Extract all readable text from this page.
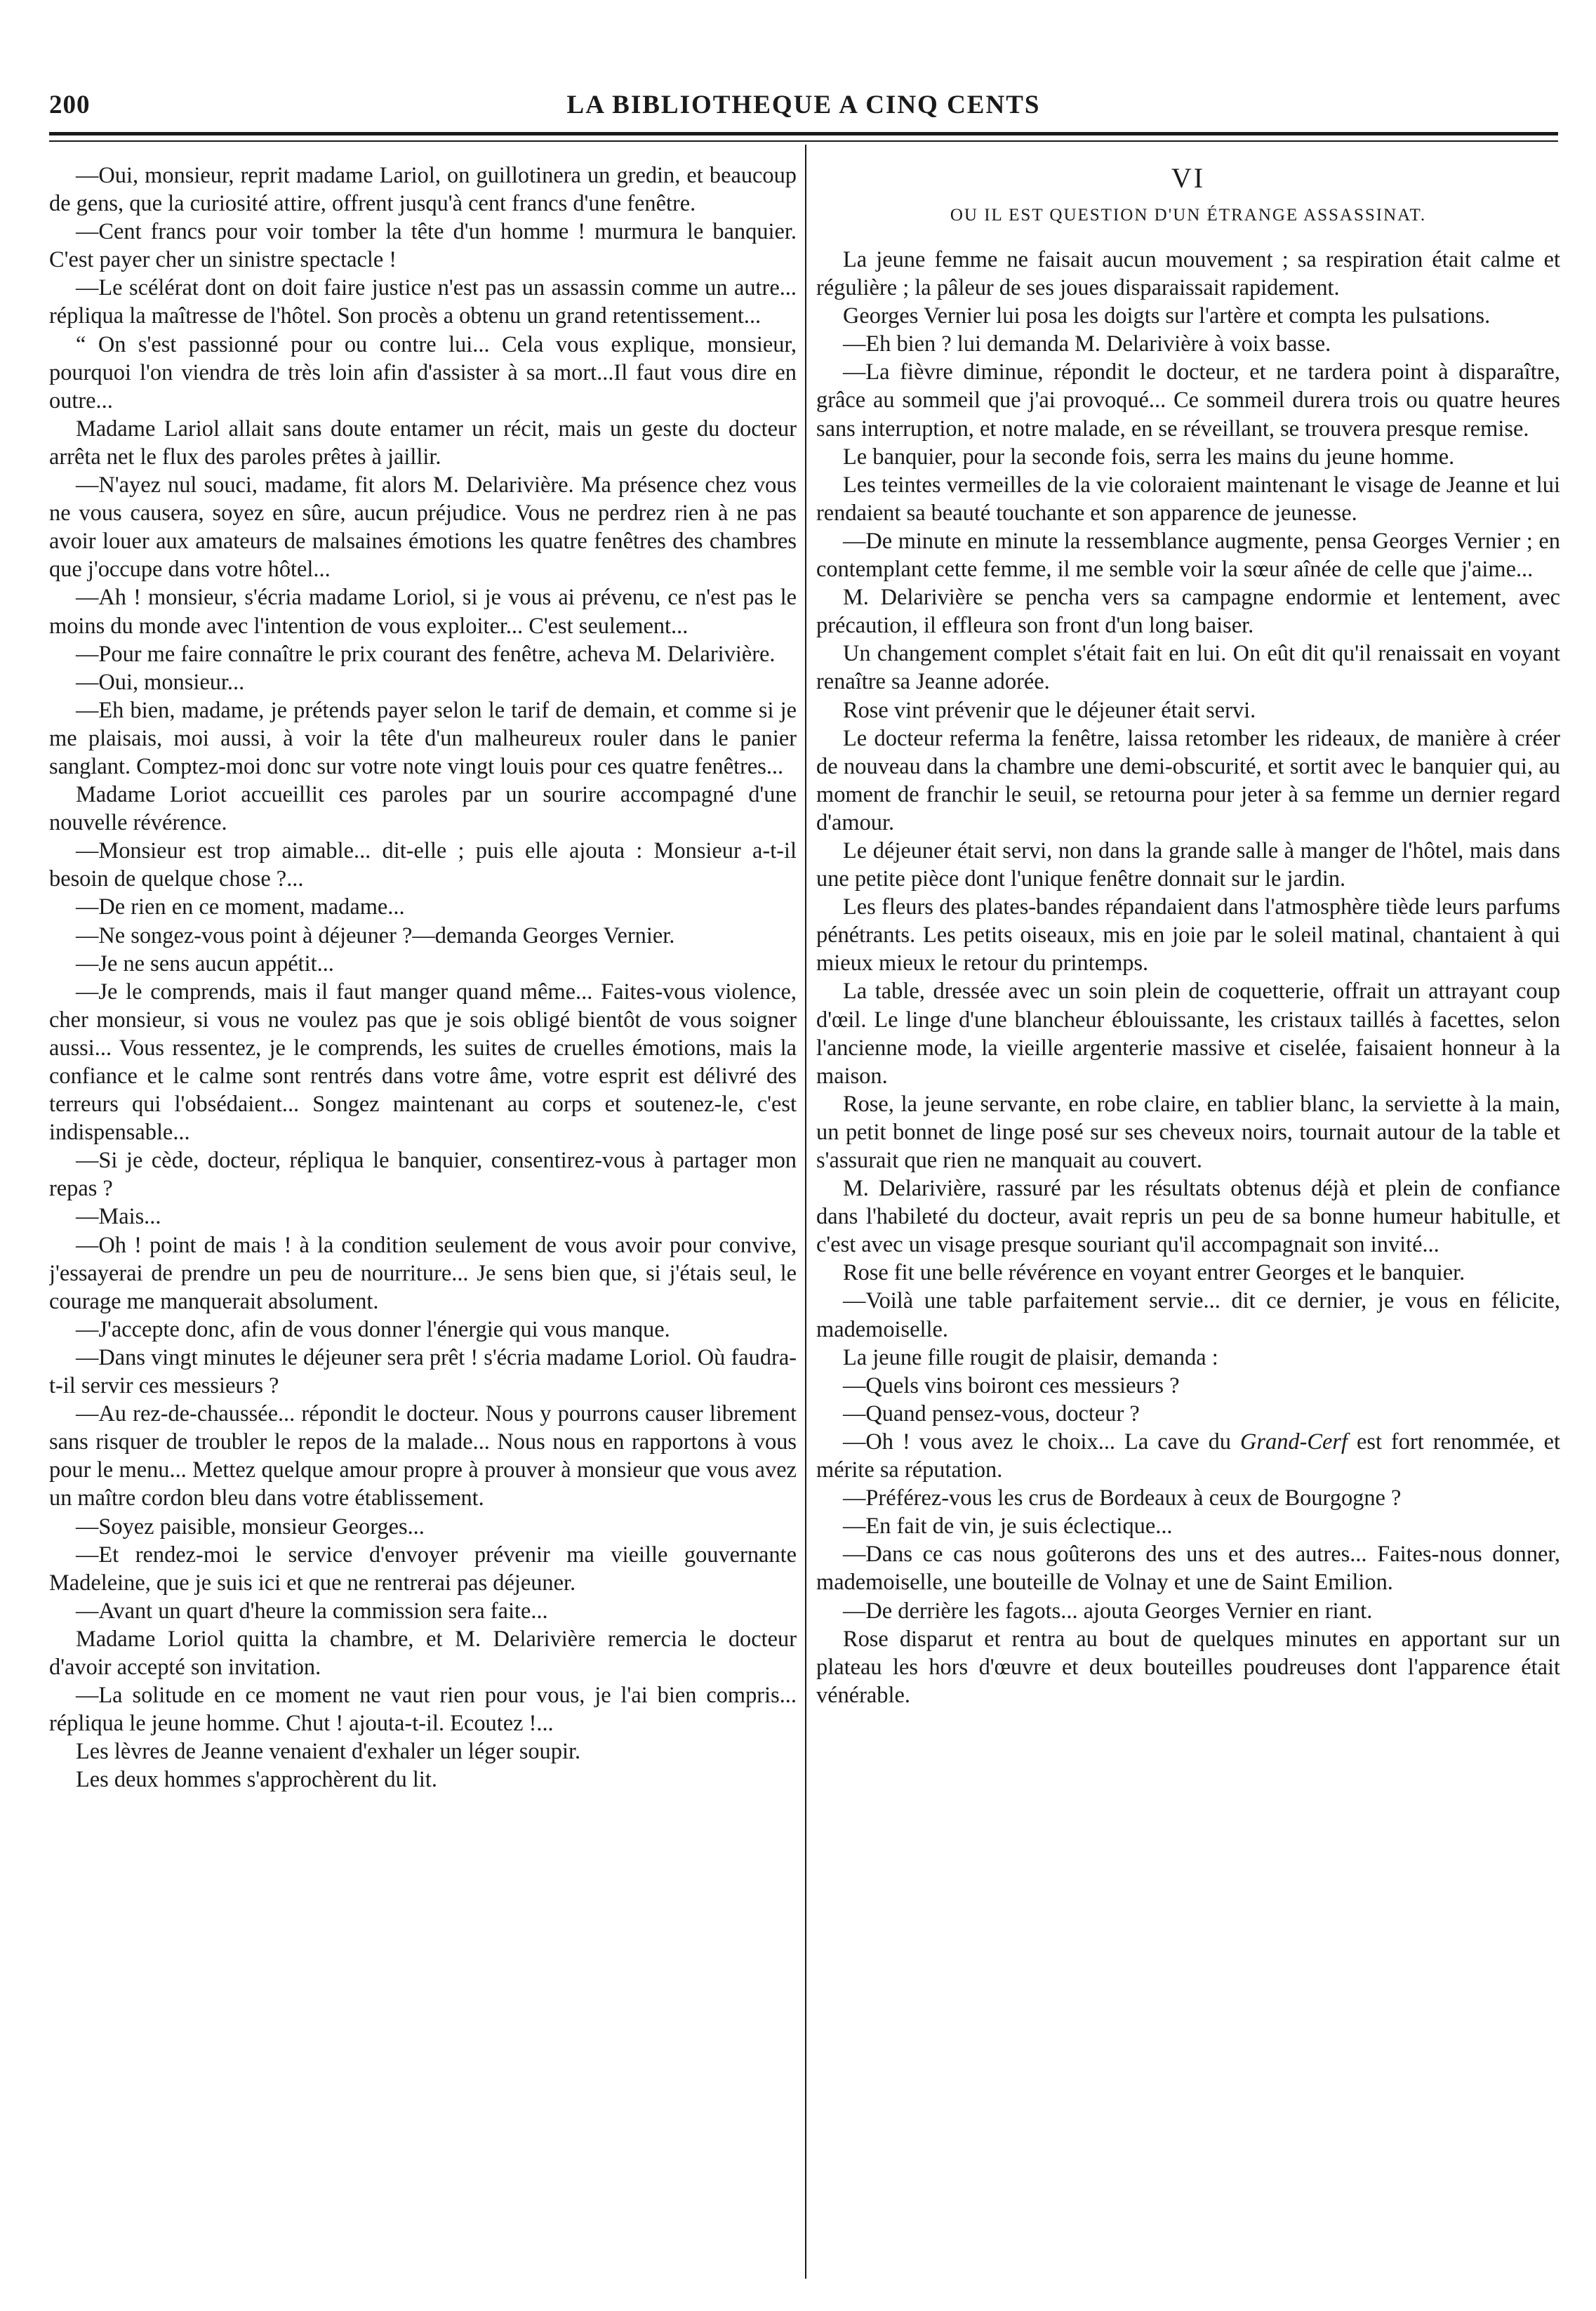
200	LA BIBLIOTHEQUE A CINQ CENTS

—Oui, monsieur, reprit madame Lariol, on guillotinera un gredin, et beaucoup de gens, que la curiosité attire, offrent jusqu'à cent francs d'une fenêtre.

—Cent francs pour voir tomber la tête d'un homme ! murmura le banquier. C'est payer cher un sinistre spectacle !

—Le scélérat dont on doit faire justice n'est pas un assassin comme un autre... répliqua la maîtresse de l'hôtel. Son procès a obtenu un grand retentissement...

“ On s'est passionné pour ou contre lui... Cela vous explique, monsieur, pourquoi l'on viendra de très loin afin d'assister à sa mort...Il faut vous dire en outre...

Madame Lariol allait sans doute entamer un récit, mais un geste du docteur arrêta net le flux des paroles prêtes à jaillir.

—N'ayez nul souci, madame, fit alors M. Delarivière. Ma présence chez vous ne vous causera, soyez en sûre, aucun préjudice. Vous ne perdrez rien à ne pas avoir louer aux amateurs de malsaines émotions les quatre fenêtres des chambres que j'occupe dans votre hôtel...

—Ah ! monsieur, s'écria madame Loriol, si je vous ai prévenu, ce n'est pas le moins du monde avec l'intention de vous exploiter... C'est seulement...

—Pour me faire connaître le prix courant des fenêtre, acheva M. Delarivière.

—Oui, monsieur...

—Eh bien, madame, je prétends payer selon le tarif de demain, et comme si je me plaisais, moi aussi, à voir la tête d'un malheureux rouler dans le panier sanglant. Comptez-moi donc sur votre note vingt louis pour ces quatre fenêtres...

Madame Loriot accueillit ces paroles par un sourire accompagné d'une nouvelle révérence.

—Monsieur est trop aimable... dit-elle ; puis elle ajouta : Monsieur a-t-il besoin de quelque chose ?...

—De rien en ce moment, madame...

—Ne songez-vous point à déjeuner ?—demanda Georges Vernier.

—Je ne sens aucun appétit...

—Je le comprends, mais il faut manger quand même... Faites-vous violence, cher monsieur, si vous ne voulez pas que je sois obligé bientôt de vous soigner aussi... Vous ressentez, je le comprends, les suites de cruelles émotions, mais la confiance et le calme sont rentrés dans votre âme, votre esprit est délivré des terreurs qui l'obsédaient... Songez maintenant au corps et soutenez-le, c'est indispensable...

—Si je cède, docteur, répliqua le banquier, consentirez-vous à partager mon repas ?

—Mais...

—Oh ! point de mais ! à la condition seulement de vous avoir pour convive, j'essayerai de prendre un peu de nourriture... Je sens bien que, si j'étais seul, le courage me manquerait absolument.

—J'accepte donc, afin de vous donner l'énergie qui vous manque.

—Dans vingt minutes le déjeuner sera prêt ! s'écria madame Loriol. Où faudra-t-il servir ces messieurs ?

—Au rez-de-chaussée... répondit le docteur. Nous y pourrons causer librement sans risquer de troubler le repos de la malade... Nous nous en rapportons à vous pour le menu... Mettez quelque amour propre à prouver à monsieur que vous avez un maître cordon bleu dans votre établissement.

—Soyez paisible, monsieur Georges...

—Et rendez-moi le service d'envoyer prévenir ma vieille gouvernante Madeleine, que je suis ici et que ne rentrerai pas déjeuner.

—Avant un quart d'heure la commission sera faite...

Madame Loriol quitta la chambre, et M. Delarivière remercia le docteur d'avoir accepté son invitation.

—La solitude en ce moment ne vaut rien pour vous, je l'ai bien compris... répliqua le jeune homme. Chut ! ajouta-t-il. Ecoutez !...

Les lèvres de Jeanne venaient d'exhaler un léger soupir.

Les deux hommes s'approchèrent du lit.

VI
OU IL EST QUESTION D'UN ÉTRANGE ASSASSINAT.

La jeune femme ne faisait aucun mouvement ; sa respiration était calme et régulière ; la pâleur de ses joues disparaissait rapidement.

Georges Vernier lui posa les doigts sur l'artère et compta les pulsations.

—Eh bien ? lui demanda M. Delarivière à voix basse.

—La fièvre diminue, répondit le docteur, et ne tardera point à disparaître, grâce au sommeil que j'ai provoqué... Ce sommeil durera trois ou quatre heures sans interruption, et notre malade, en se réveillant, se trouvera presque remise.

Le banquier, pour la seconde fois, serra les mains du jeune homme.

Les teintes vermeilles de la vie coloraient maintenant le visage de Jeanne et lui rendaient sa beauté touchante et son apparence de jeunesse.

—De minute en minute la ressemblance augmente, pensa Georges Vernier ; en contemplant cette femme, il me semble voir la sœur aînée de celle que j'aime...

M. Delarivière se pencha vers sa campagne endormie et lentement, avec précaution, il effleura son front d'un long baiser.

Un changement complet s'était fait en lui. On eût dit qu'il renaissait en voyant renaître sa Jeanne adorée.

Rose vint prévenir que le déjeuner était servi.

Le docteur referma la fenêtre, laissa retomber les rideaux, de manière à créer de nouveau dans la chambre une demi-obscurité, et sortit avec le banquier qui, au moment de franchir le seuil, se retourna pour jeter à sa femme un dernier regard d'amour.

Le déjeuner était servi, non dans la grande salle à manger de l'hôtel, mais dans une petite pièce dont l'unique fenêtre donnait sur le jardin.

Les fleurs des plates-bandes répandaient dans l'atmosphère tiède leurs parfums pénétrants. Les petits oiseaux, mis en joie par le soleil matinal, chantaient à qui mieux mieux le retour du printemps.

La table, dressée avec un soin plein de coquetterie, offrait un attrayant coup d'œil. Le linge d'une blancheur éblouissante, les cristaux taillés à facettes, selon l'ancienne mode, la vieille argenterie massive et ciselée, faisaient honneur à la maison.

Rose, la jeune servante, en robe claire, en tablier blanc, la serviette à la main, un petit bonnet de linge posé sur ses cheveux noirs, tournait autour de la table et s'assurait que rien ne manquait au couvert.

M. Delarivière, rassuré par les résultats obtenus déjà et plein de confiance dans l'habileté du docteur, avait repris un peu de sa bonne humeur habitulle, et c'est avec un visage presque souriant qu'il accompagnait son invité...

Rose fit une belle révérence en voyant entrer Georges et le banquier.

—Voilà une table parfaitement servie... dit ce dernier, je vous en félicite, mademoiselle.

La jeune fille rougit de plaisir, demanda :

—Quels vins boiront ces messieurs ?

—Quand pensez-vous, docteur ?

—Oh ! vous avez le choix... La cave du Grand-Cerf est fort renommée, et mérite sa réputation.

—Préférez-vous les crus de Bordeaux à ceux de Bourgogne ?

—En fait de vin, je suis éclectique...

—Dans ce cas nous goûterons des uns et des autres... Faites-nous donner, mademoiselle, une bouteille de Volnay et une de Saint Emilion.

—De derrière les fagots... ajouta Georges Vernier en riant.

Rose disparut et rentra au bout de quelques minutes en apportant sur un plateau les hors d'œuvre et deux bouteilles poudreuses dont l'apparence était vénérable.
